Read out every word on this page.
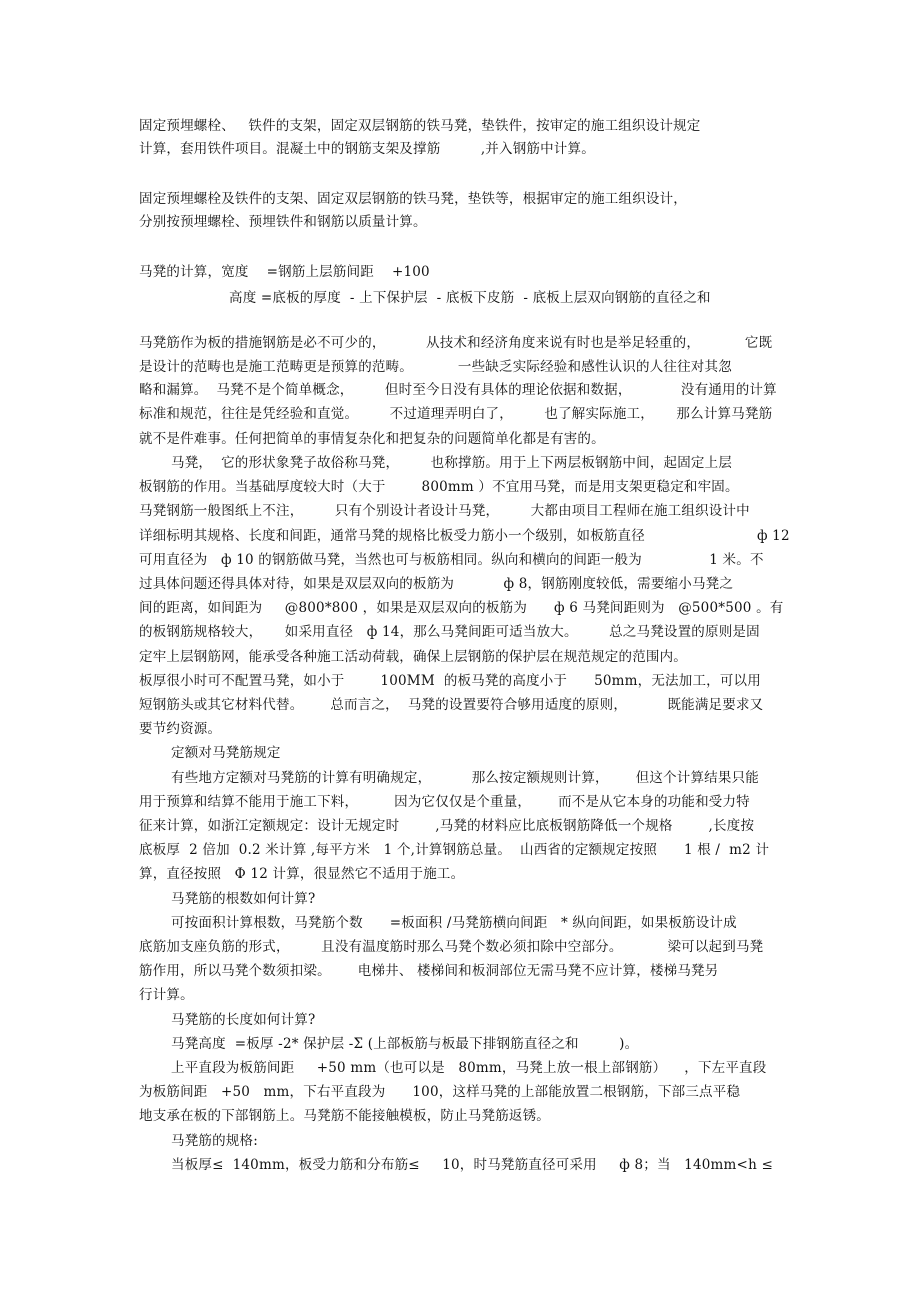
固定预埋螺栓、   铁件的支架，固定双层钢筋的铁马凳，垫铁件，按审定的施工组织设计规定
计算，套用铁件项目。混凝土中的钢筋支架及撑筋         ,并入钢筋中计算。
固定预埋螺栓及铁件的支架、固定双层钢筋的铁马凳，垫铁等，根据审定的施工组织设计，
分别按预埋螺栓、预埋铁件和钢筋以质量计算。
马凳的计算，宽度    =钢筋上层筋间距    +100
高度 =底板的厚度  - 上下保护层  - 底板下皮筋  - 底板上层双向钢筋的直径之和
马凳筋作为板的措施钢筋是必不可少的，         从技术和经济角度来说有时也是举足轻重的，          它既
是设计的范畴也是施工范畴更是预算的范畴。          一些缺乏实际经验和感性认识的人往往对其忽
略和漏算。  马凳不是个简单概念，       但时至今日没有具体的理论依据和数据，           没有通用的计算
标准和规范，往往是凭经验和直觉。       不过道理弄明白了，       也了解实际施工，     那么计算马凳筋
就不是件难事。任何把简单的事情复杂化和把复杂的问题简单化都是有害的。
马凳，  它的形状象凳子故俗称马凳，       也称撑筋。用于上下两层板钢筋中间，起固定上层
板钢筋的作用。当基础厚度较大时（大于        800mm ）不宜用马凳，而是用支架更稳定和牢固。
马凳钢筋一般图纸上不注，       只有个别设计者设计马凳，       大都由项目工程师在施工组织设计中
详细标明其规格、长度和间距，通常马凳的规格比板受力筋小一个级别，如板筋直径                         ф 12
可用直径为   ф 10 的钢筋做马凳，当然也可与板筋相同。纵向和横向的间距一般为               1 米。不
过具体问题还得具体对待，如果是双层双向的板筋为           ф 8，钢筋刚度较低，需要缩小马凳之
间的距离，如间距为     @800*800 ，如果是双层双向的板筋为      ф 6 马凳间距则为   @500*500 。有
的板钢筋规格较大，     如采用直径   ф 14，那么马凳间距可适当放大。       总之马凳设置的原则是固
定牢上层钢筋网，能承受各种施工活动荷载，确保上层钢筋的保护层在规范规定的范围内。
板厚很小时可不配置马凳，如小于        100MM  的板马凳的高度小于      50mm，无法加工，可以用
短钢筋头或其它材料代替。      总而言之，  马凳的设置要符合够用适度的原则，         既能满足要求又
要节约资源。
定额对马凳筋规定
有些地方定额对马凳筋的计算有明确规定，         那么按定额规则计算，      但这个计算结果只能
用于预算和结算不能用于施工下料，        因为它仅仅是个重量，      而不是从它本身的功能和受力特
征来计算，如浙江定额规定：设计无规定时        ,马凳的材料应比底板钢筋降低一个规格        ,长度按
底板厚  2 倍加  0.2 米计算 ,每平方米   1 个,计算钢筋总量。  山西省的定额规定按照      1 根 /  m2 计
算，直径按照   Φ 12 计算，很显然它不适用于施工。
马凳筋的根数如何计算?
可按面积计算根数，马凳筋个数      =板面积 /马凳筋横向间距   * 纵向间距，如果板筋设计成
底筋加支座负筋的形式，       且没有温度筋时那么马凳个数必须扣除中空部分。          梁可以起到马凳
筋作用，所以马凳个数须扣梁。      电梯井、 楼梯间和板洞部位无需马凳不应计算，楼梯马凳另
行计算。
马凳筋的长度如何计算?
马凳高度  =板厚 -2* 保护层 -Σ (上部板筋与板最下排钢筋直径之和         )。
上平直段为板筋间距     +50 mm（也可以是   80mm，马凳上放一根上部钢筋）    ，下左平直段
为板筋间距   +50   mm，下右平直段为      100，这样马凳的上部能放置二根钢筋，下部三点平稳
地支承在板的下部钢筋上。马凳筋不能接触模板，防止马凳筋返锈。
马凳筋的规格:
当板厚≤  140mm，板受力筋和分布筋≤     10，时马凳筋直径可采用     ф 8；当   140mm<h ≤
